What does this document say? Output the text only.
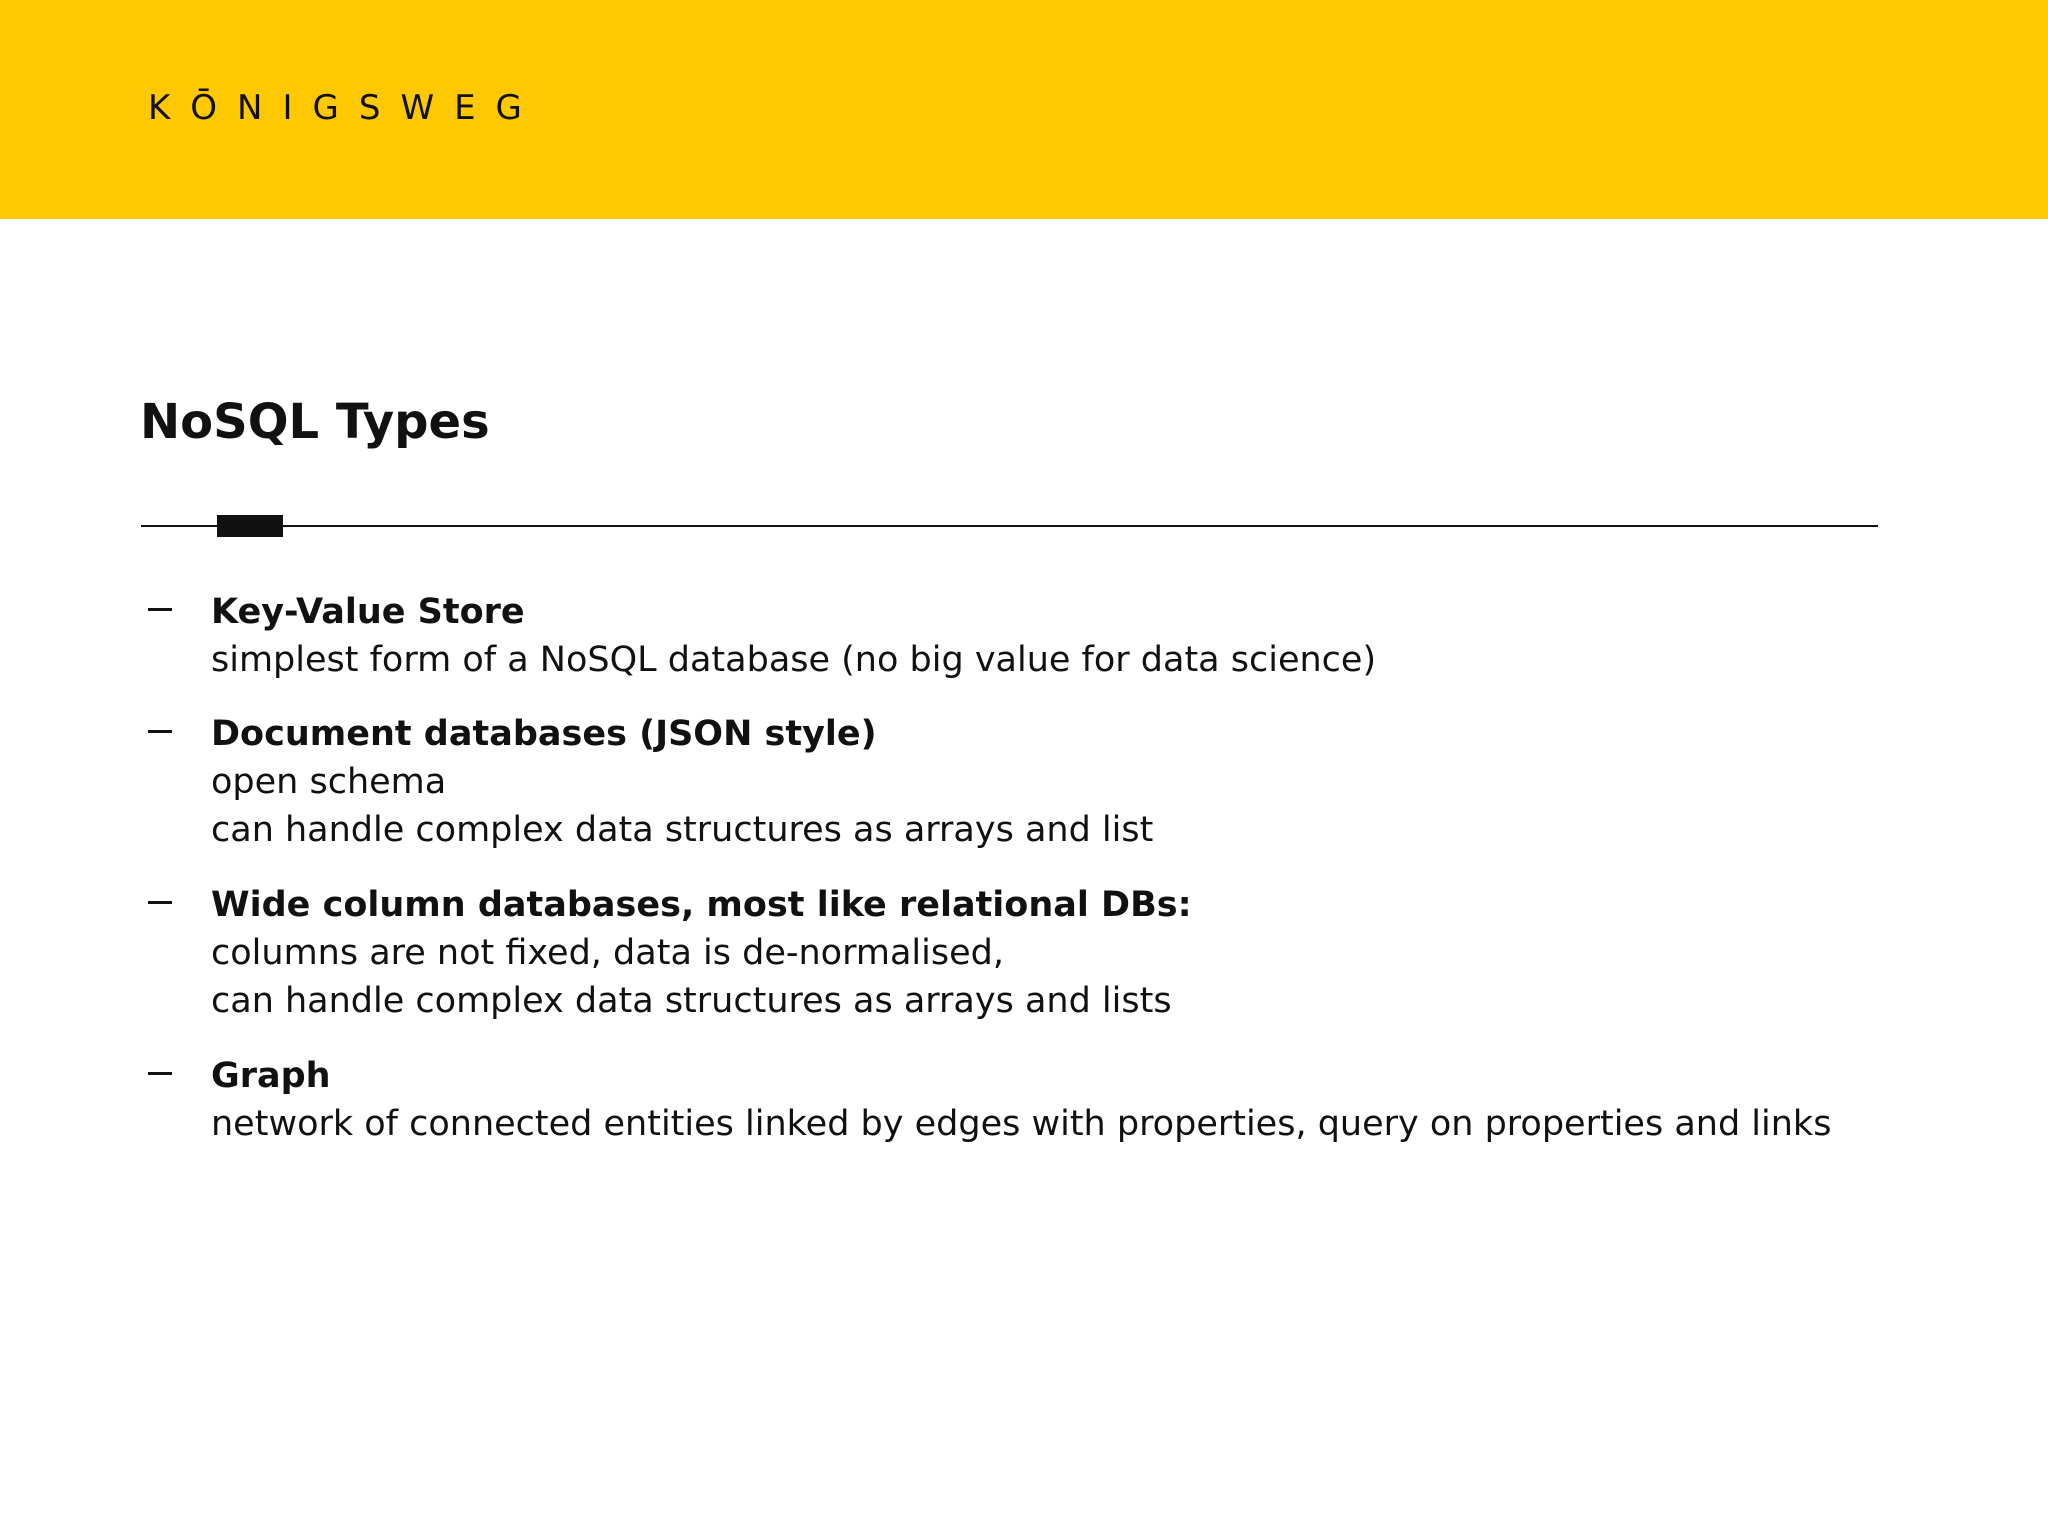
KŌNIGSWEG
NoSQL Types
Key-Value Store
simplest form of a NoSQL database (no big value for data science)
Document databases (JSON style)
open schema
can handle complex data structures as arrays and list
Wide column databases, most like relational DBs:
columns are not fixed, data is de-normalised,
can handle complex data structures as arrays and lists
Graph
network of connected entities linked by edges with properties, query on properties and links
